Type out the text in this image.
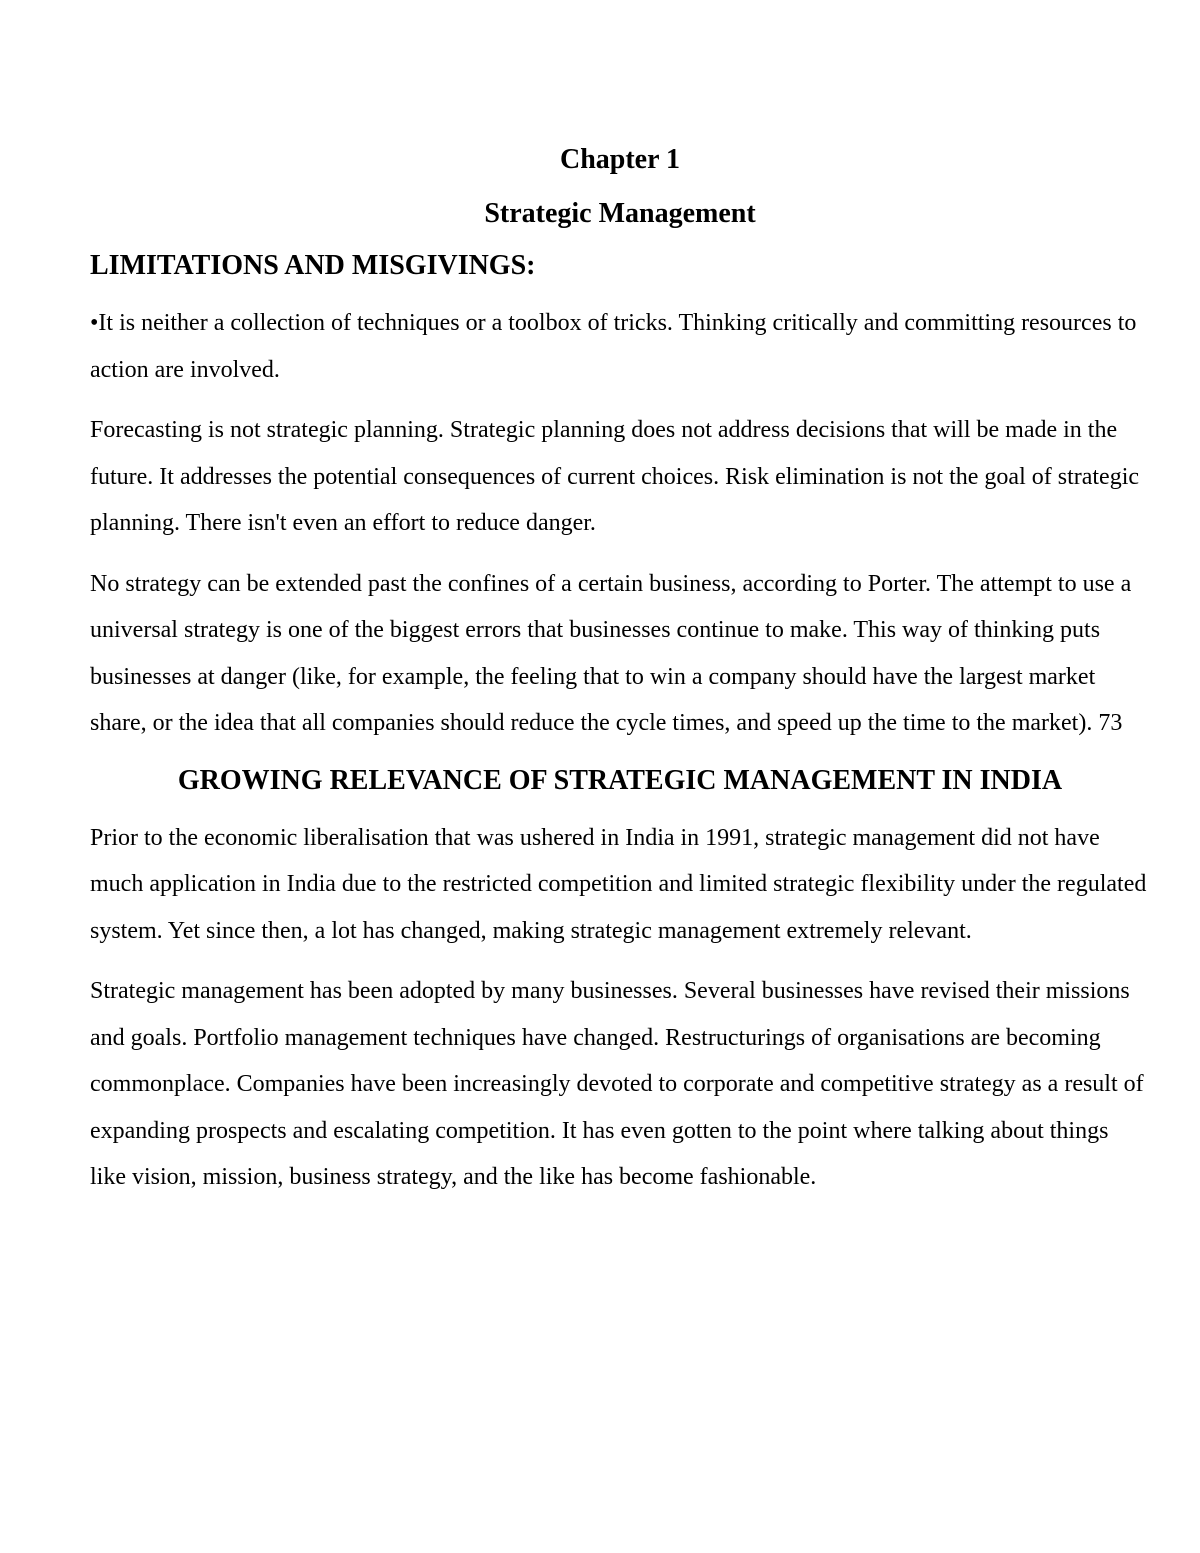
Chapter 1
Strategic Management
LIMITATIONS AND MISGIVINGS:

•It is neither a collection of techniques or a toolbox of tricks. Thinking critically and committing resources to action are involved.

Forecasting is not strategic planning. Strategic planning does not address decisions that will be made in the future. It addresses the potential consequences of current choices. Risk elimination is not the goal of strategic planning. There isn't even an effort to reduce danger.

No strategy can be extended past the confines of a certain business, according to Porter. The attempt to use a universal strategy is one of the biggest errors that businesses continue to make. This way of thinking puts businesses at danger (like, for example, the feeling that to win a company should have the largest market share, or the idea that all companies should reduce the cycle times, and speed up the time to the market). 73

GROWING RELEVANCE OF STRATEGIC MANAGEMENT IN INDIA

Prior to the economic liberalisation that was ushered in India in 1991, strategic management did not have much application in India due to the restricted competition and limited strategic flexibility under the regulated system. Yet since then, a lot has changed, making strategic management extremely relevant.

Strategic management has been adopted by many businesses. Several businesses have revised their missions and goals. Portfolio management techniques have changed. Restructurings of organisations are becoming commonplace. Companies have been increasingly devoted to corporate and competitive strategy as a result of expanding prospects and escalating competition. It has even gotten to the point where talking about things like vision, mission, business strategy, and the like has become fashionable.
